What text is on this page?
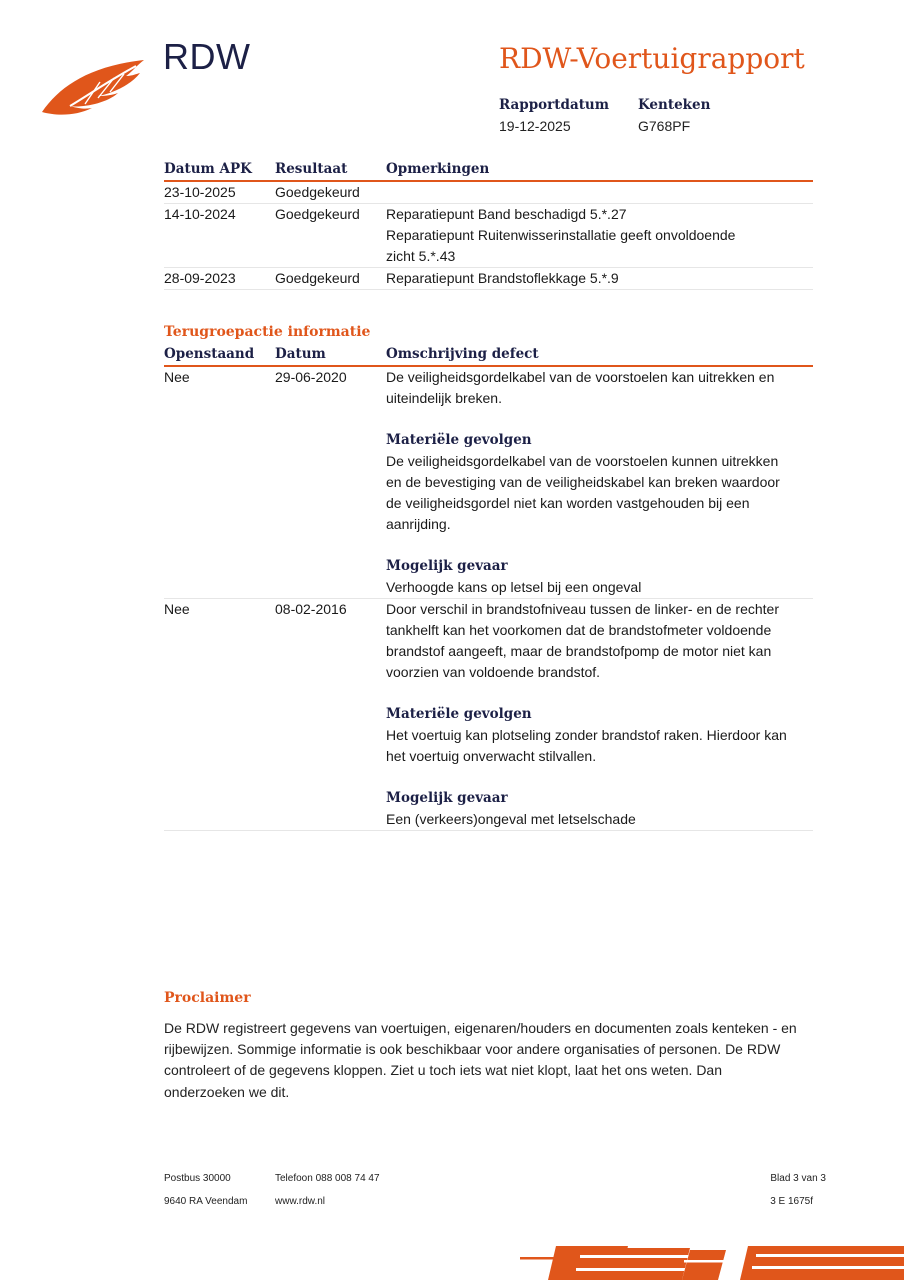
RDW	RDW-Voertuigrapport
Rapportdatum
19-12-2025
Kenteken
G768PF
Datum APK	Resultaat	Opmerkingen
23-10-2025	Goedgekeurd	
14-10-2024	Goedgekeurd	Reparatiepunt Band beschadigd 5.*.27
Reparatiepunt Ruitenwisserinstallatie geeft onvoldoende zicht 5.*.43

28-09-2023	Goedgekeurd	Reparatiepunt Brandstoflekkage 5.*.9
Terugroepactie informatie
Openstaand	Datum	Omschrijving defect
Nee	29-06-2020	De veiligheidsgordelkabel van de voorstoelen kan uitrekken en uiteindelijk breken.
Materiële gevolgen
De veiligheidsgordelkabel van de voorstoelen kunnen uitrekken en de bevestiging van de veiligheidskabel kan breken waardoor de veiligheidsgordel niet kan worden vastgehouden bij een aanrijding.
Mogelijk gevaar
Verhoogde kans op letsel bij een ongeval

Nee	08-02-2016	Door verschil in brandstofniveau tussen de linker- en de rechter tankhelft kan het voorkomen dat de brandstofmeter voldoende brandstof aangeeft, maar de brandstofpomp de motor niet kan voorzien van voldoende brandstof.
Materiële gevolgen
Het voertuig kan plotseling zonder brandstof raken. Hierdoor kan het voertuig onverwacht stilvallen.
Mogelijk gevaar
Een (verkeers)ongeval met letselschade
Proclaimer
De RDW registreert gegevens van voertuigen, eigenaren/houders en documenten zoals kenteken - en rijbewijzen. Sommige informatie is ook beschikbaar voor andere organisaties of personen. De RDW controleert of de gegevens kloppen. Ziet u toch iets wat niet klopt, laat het ons weten. Dan onderzoeken we dit.
Postbus 30000
9640 RA Veendam
Telefoon 088 008 74 47
www.rdw.nl
Blad 3 van 3
3 E 1675f
